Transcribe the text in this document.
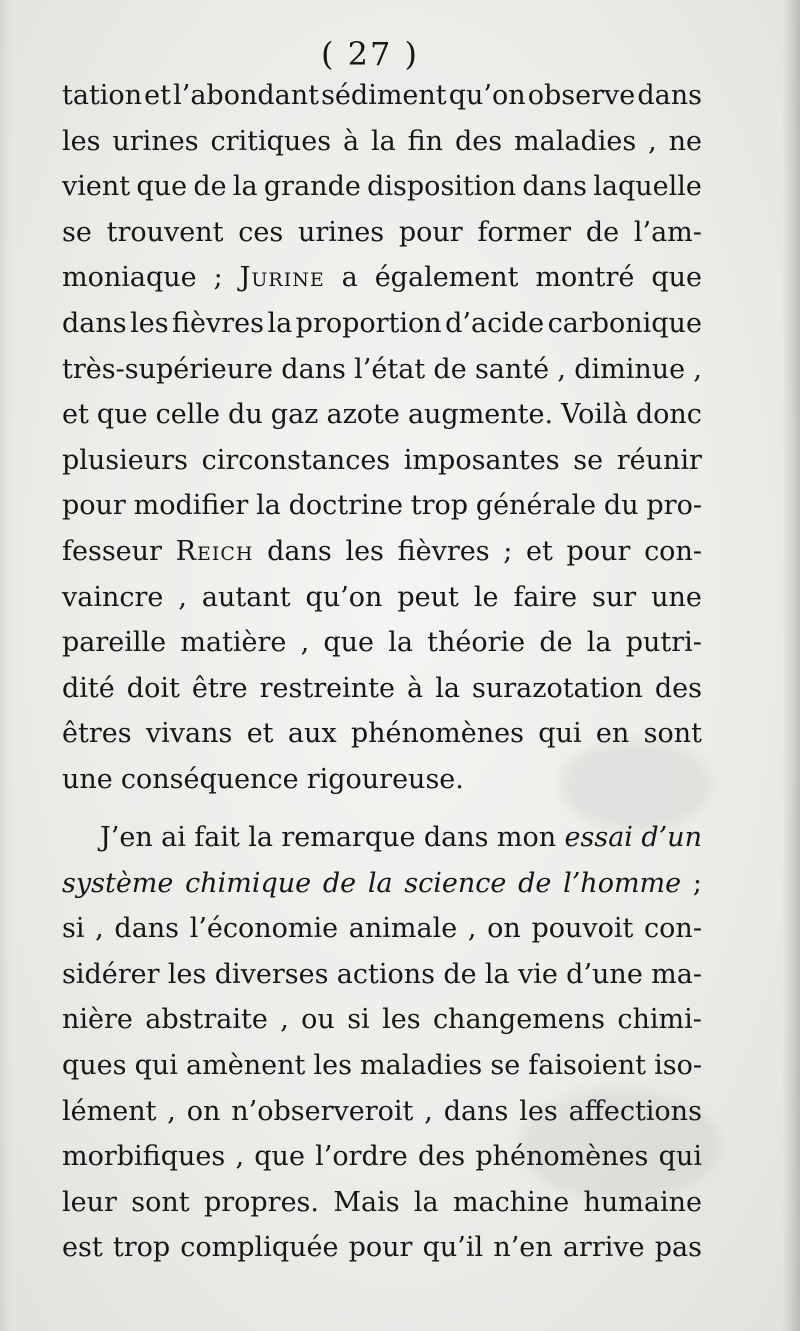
( 27 )
tation et l’abondant sédiment qu’on observe dans
les urines critiques à la fin des maladies , ne
vient que de la grande disposition dans laquelle
se trouvent ces urines pour former de l’am-
moniaque ; Jurine a également montré que
dans les fièvres la proportion d’acide carbonique
très-supérieure dans l’état de santé , diminue ,
et que celle du gaz azote augmente. Voilà donc
plusieurs circonstances imposantes se réunir
pour modifier la doctrine trop générale du pro-
fesseur Reich dans les fièvres ; et pour con-
vaincre , autant qu’on peut le faire sur une
pareille matière , que la théorie de la putri-
dité doit être restreinte à la surazotation des
êtres vivans et aux phénomènes qui en sont
une conséquence rigoureuse.
J’en ai fait la remarque dans mon essai d’un
système chimique de la science de l’homme ;
si , dans l’économie animale , on pouvoit con-
sidérer les diverses actions de la vie d’une ma-
nière abstraite , ou si les changemens chimi-
ques qui amènent les maladies se faisoient iso-
lément , on n’observeroit , dans les affections
morbifiques , que l’ordre des phénomènes qui
leur sont propres. Mais la machine humaine
est trop compliquée pour qu’il n’en arrive pas
